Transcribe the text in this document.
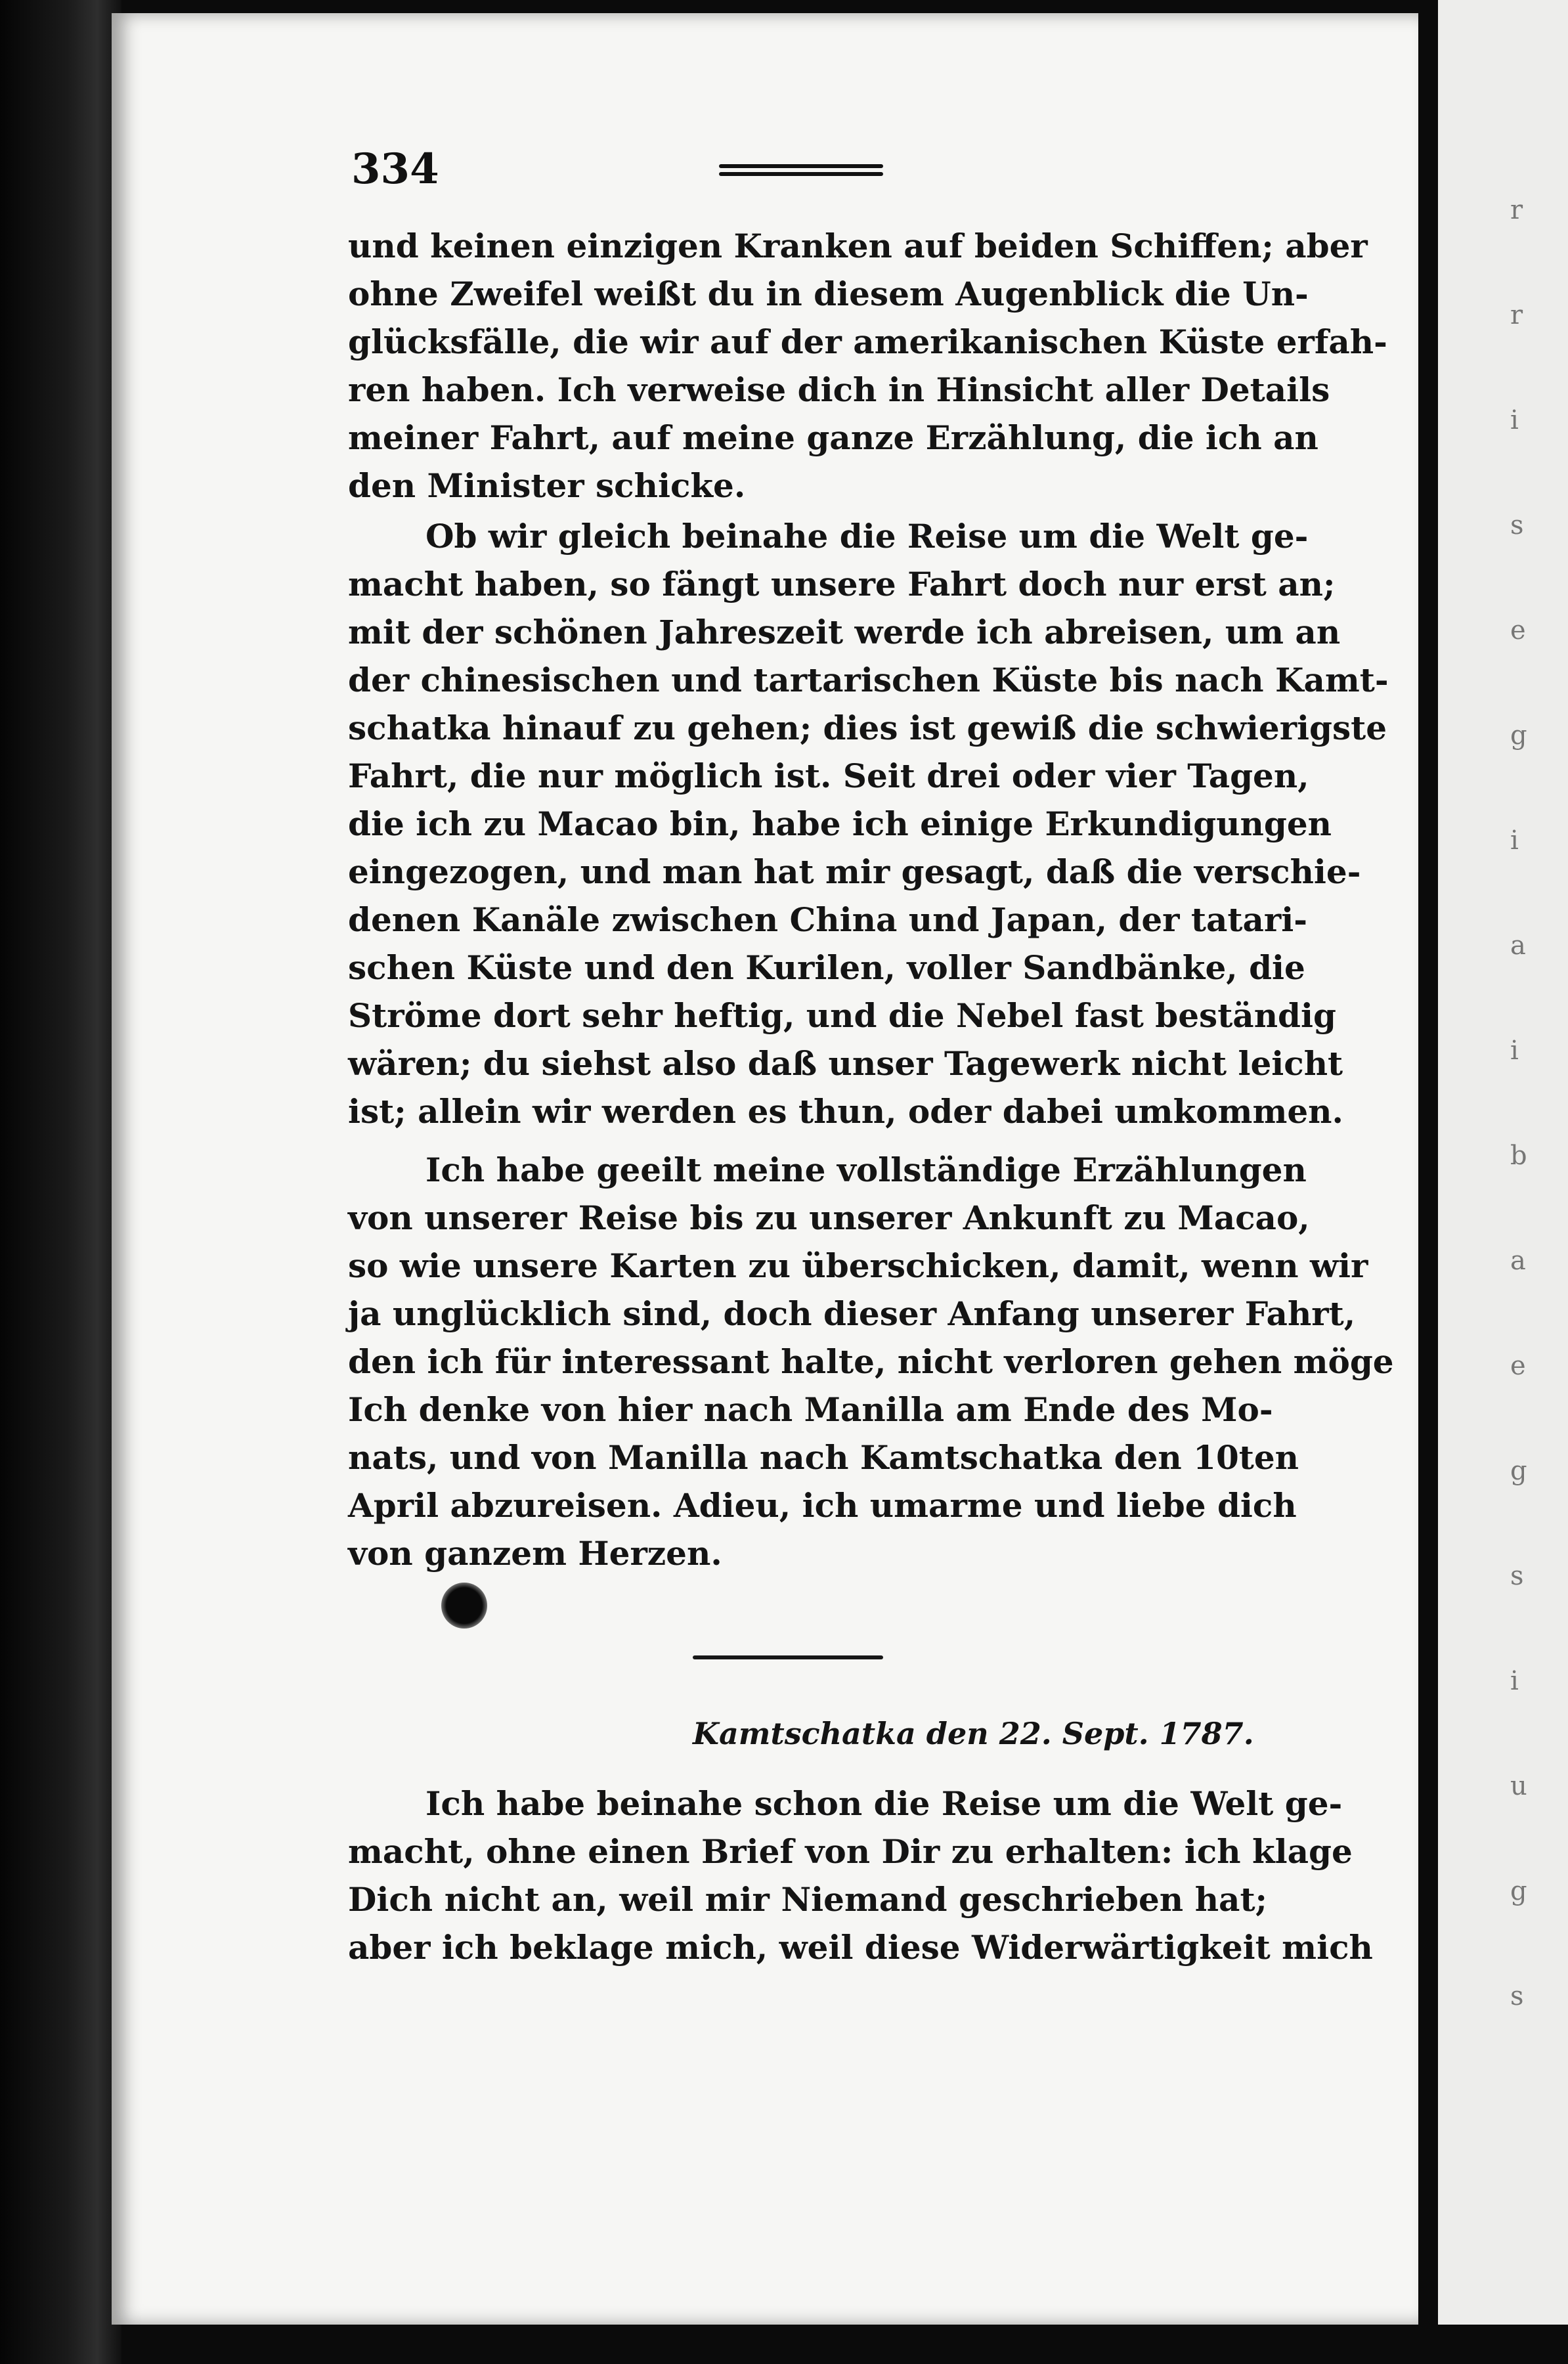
r
r
i
s
e
g
i
a
i
b
a
e
g
s
i
u
g
s
334
und keinen einzigen Kranken auf beiden Schiffen; aber
ohne Zweifel weißt du in diesem Augenblick die Un-
glücksfälle, die wir auf der amerikanischen Küste erfah-
ren haben. Ich verweise dich in Hinsicht aller Details
meiner Fahrt, auf meine ganze Erzählung, die ich an
den Minister schicke.
Ob wir gleich beinahe die Reise um die Welt ge-
macht haben, so fängt unsere Fahrt doch nur erst an;
mit der schönen Jahreszeit werde ich abreisen, um an
der chinesischen und tartarischen Küste bis nach Kamt-
schatka hinauf zu gehen; dies ist gewiß die schwierigste
Fahrt, die nur möglich ist. Seit drei oder vier Tagen,
die ich zu Macao bin, habe ich einige Erkundigungen
eingezogen, und man hat mir gesagt, daß die verschie-
denen Kanäle zwischen China und Japan, der tatari-
schen Küste und den Kurilen, voller Sandbänke, die
Ströme dort sehr heftig, und die Nebel fast beständig
wären; du siehst also daß unser Tagewerk nicht leicht
ist; allein wir werden es thun, oder dabei umkommen.
Ich habe geeilt meine vollständige Erzählungen
von unserer Reise bis zu unserer Ankunft zu Macao,
so wie unsere Karten zu überschicken, damit, wenn wir
ja unglücklich sind, doch dieser Anfang unserer Fahrt,
den ich für interessant halte, nicht verloren gehen möge
Ich denke von hier nach Manilla am Ende des Mo-
nats, und von Manilla nach Kamtschatka den 10ten
April abzureisen. Adieu, ich umarme und liebe dich
von ganzem Herzen.
Kamtschatka den 22. Sept. 1787.
Ich habe beinahe schon die Reise um die Welt ge-
macht, ohne einen Brief von Dir zu erhalten: ich klage
Dich nicht an, weil mir Niemand geschrieben hat;
aber ich beklage mich, weil diese Widerwärtigkeit mich
